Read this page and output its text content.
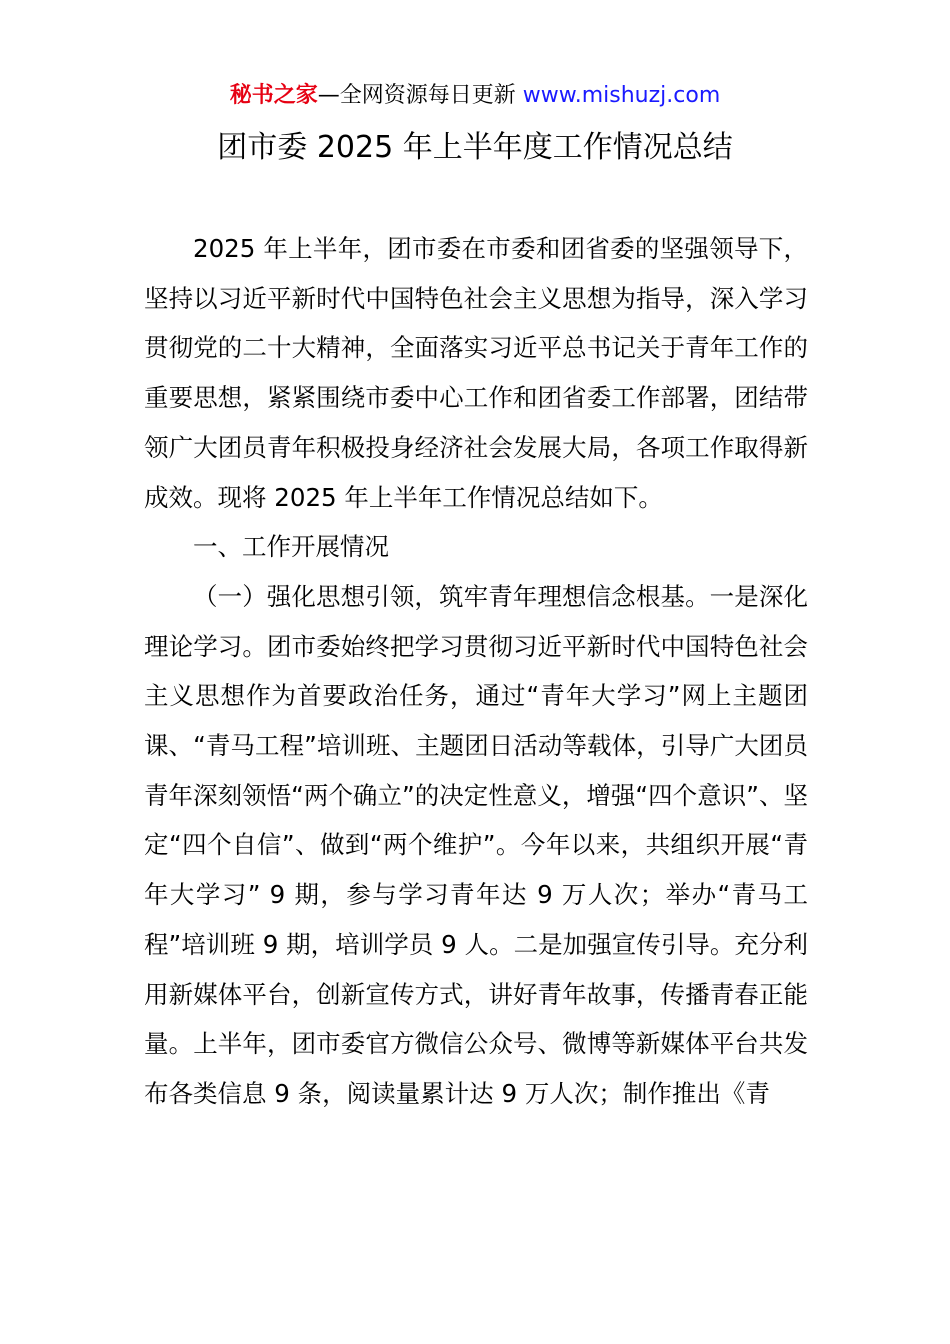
秘书之家—全网资源每日更新 www.mishuzj.com
团市委 2025 年上半年度工作情况总结

2025 年上半年，团市委在市委和团省委的坚强领导下，坚持以习近平新时代中国特色社会主义思想为指导，深入学习贯彻党的二十大精神，全面落实习近平总书记关于青年工作的重要思想，紧紧围绕市委中心工作和团省委工作部署，团结带领广大团员青年积极投身经济社会发展大局，各项工作取得新成效。现将 2025 年上半年工作情况总结如下。

一、工作开展情况

（一）强化思想引领，筑牢青年理想信念根基。一是深化理论学习。团市委始终把学习贯彻习近平新时代中国特色社会主义思想作为首要政治任务，通过“青年大学习”网上主题团课、“青马工程”培训班、主题团日活动等载体，引导广大团员青年深刻领悟“两个确立”的决定性意义，增强“四个意识”、坚定“四个自信”、做到“两个维护”。今年以来，共组织开展“青年大学习” 9 期，参与学习青年达 9 万人次；举办“青马工程”培训班 9 期，培训学员 9 人。二是加强宣传引导。充分利用新媒体平台，创新宣传方式，讲好青年故事，传播青春正能量。上半年，团市委官方微信公众号、微博等新媒体平台共发布各类信息 9 条，阅读量累计达 9 万人次；制作推出《青
